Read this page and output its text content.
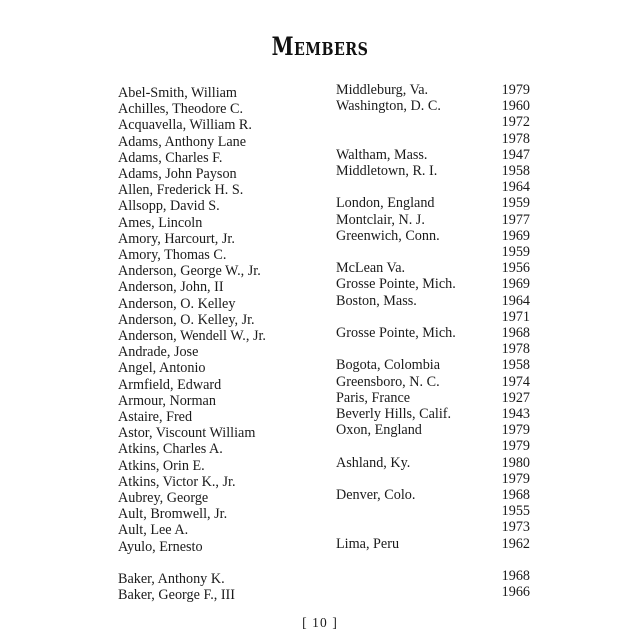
Members
Abel-Smith, William	Middleburg, Va.	1979
Achilles, Theodore C.	Washington, D. C.	1960
Acquavella, William R.		1972
Adams, Anthony Lane		1978
Adams, Charles F.	Waltham, Mass.	1947
Adams, John Payson	Middletown, R. I.	1958
Allen, Frederick H. S.		1964
Allsopp, David S.	London, England	1959
Ames, Lincoln	Montclair, N. J.	1977
Amory, Harcourt, Jr.	Greenwich, Conn.	1969
Amory, Thomas C.		1959
Anderson, George W., Jr.	McLean Va.	1956
Anderson, John, II	Grosse Pointe, Mich.	1969
Anderson, O. Kelley	Boston, Mass.	1964
Anderson, O. Kelley, Jr.		1971
Anderson, Wendell W., Jr.	Grosse Pointe, Mich.	1968
Andrade, Jose		1978
Angel, Antonio	Bogota, Colombia	1958
Armfield, Edward	Greensboro, N. C.	1974
Armour, Norman	Paris, France	1927
Astaire, Fred	Beverly Hills, Calif.	1943
Astor, Viscount William	Oxon, England	1979
Atkins, Charles A.		1979
Atkins, Orin E.	Ashland, Ky.	1980
Atkins, Victor K., Jr.		1979
Aubrey, George	Denver, Colo.	1968
Ault, Bromwell, Jr.		1955
Ault, Lee A.		1973
Ayulo, Ernesto	Lima, Peru	1962

Baker, Anthony K.		1968
Baker, George F., III		1966
[ 10 ]
